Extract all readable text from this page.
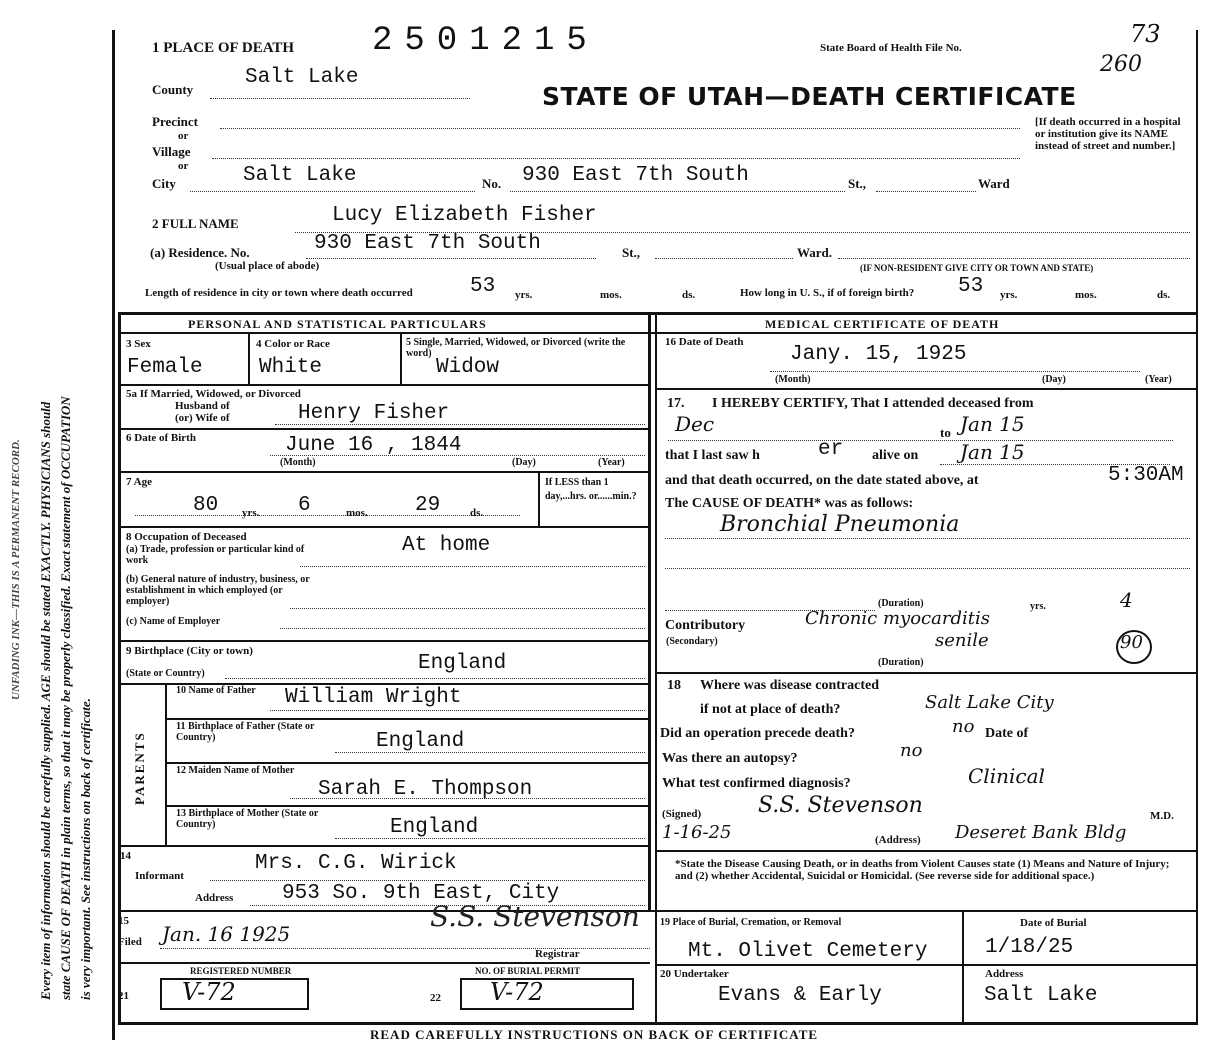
Every item of information should be carefully supplied. AGE should be stated EXACTLY. PHYSICIANS should state CAUSE OF DEATH in plain terms, so that it may be properly classified. Exact statement of OCCUPATION is very important. See instructions on back of certificate.
UNFADING INK—THIS IS A PERMANENT RECORD.
1 PLACE OF DEATH 2501215	State Board of Health File No.	73
260
STATE OF UTAH—DEATH CERTIFICATE
County
Salt Lake
Precinct
or
Village
or
City	Salt Lake	No. 930 East 7th South	St.,	Ward
[If death occurred in a hospital or institution give its NAME instead of street and number.]
2 FULL NAME	Lucy Elizabeth Fisher
(a) Residence. No.
(Usual place of abode)
930 East 7th South	St.,	Ward.
(IF NON-RESIDENT GIVE CITY OR TOWN AND STATE)
Length of residence in city or town where death occurred	53 yrs.	mos.	ds.	How long in U. S., if of foreign birth? 53 yrs.	mos.	ds.
PERSONAL AND STATISTICAL PARTICULARS	MEDICAL CERTIFICATE OF DEATH
3 Sex
Female
4 Color or Race
White
5 Single, Married, Widowed, or Divorced (write the word)
Widow
5a If Married, Widowed, or Divorced
Husband of
(or) Wife of	Henry Fisher
6 Date of Birth	June 16 , 1844
(Month)	(Day)	(Year)
7 Age
80 yrs. 6	mos. 29	ds.
If LESS than 1 day,...hrs. or......min.?
8 Occupation of Deceased
(a) Trade, profession or particular kind of work
At home
(b) General nature of industry, business, or establishment in which employed (or employer)
(c) Name of Employer
9 Birthplace (City or town)
(State or Country)	England
PARENTS
10 Name of Father	William Wright
11 Birthplace of Father (State or Country)	England
12 Maiden Name of Mother
Sarah E. Thompson
13 Birthplace of Mother (State or Country)	England
14
Informant
Mrs. C.G. Wirick
Address 953 So. 9th East, City
15
Filed Jan. 16 1925
S.S. Stevenson
Registrar
REGISTERED NUMBER
21 V-72
NO. OF BURIAL PERMIT
22 V-72
16 Date of Death
Jany. 15, 1925
(Month)	(Day)	(Year)
17. I HEREBY CERTIFY, That I attended deceased from
Dec	to Jan 15
that I last saw h	er alive on Jan 15
and that death occurred, on the date stated above, at	5:30AM
The CAUSE OF DEATH* was as follows:
Bronchial Pneumonia
(Duration)	yrs.	4
Contributory
(Secondary)
Chronic myocarditis
senile	90
(Duration)
18 Where was disease contracted
if not at place of death?	Salt Lake City
Did an operation precede death?	no Date of
Was there an autopsy?	no
What test confirmed diagnosis?	Clinical
(Signed)	S.S. Stevenson	M.D.
1-16-25	(Address) Deseret Bank Bldg
*State the Disease Causing Death, or in deaths from Violent Causes state (1) Means and Nature of Injury; and (2) whether Accidental, Suicidal or Homicidal. (See reverse side for additional space.)
19 Place of Burial, Cremation, or Removal
Mt. Olivet Cemetery
Date of Burial
1/18/25
20 Undertaker
Evans & Early
Address
Salt Lake
READ CAREFULLY INSTRUCTIONS ON BACK OF CERTIFICATE
